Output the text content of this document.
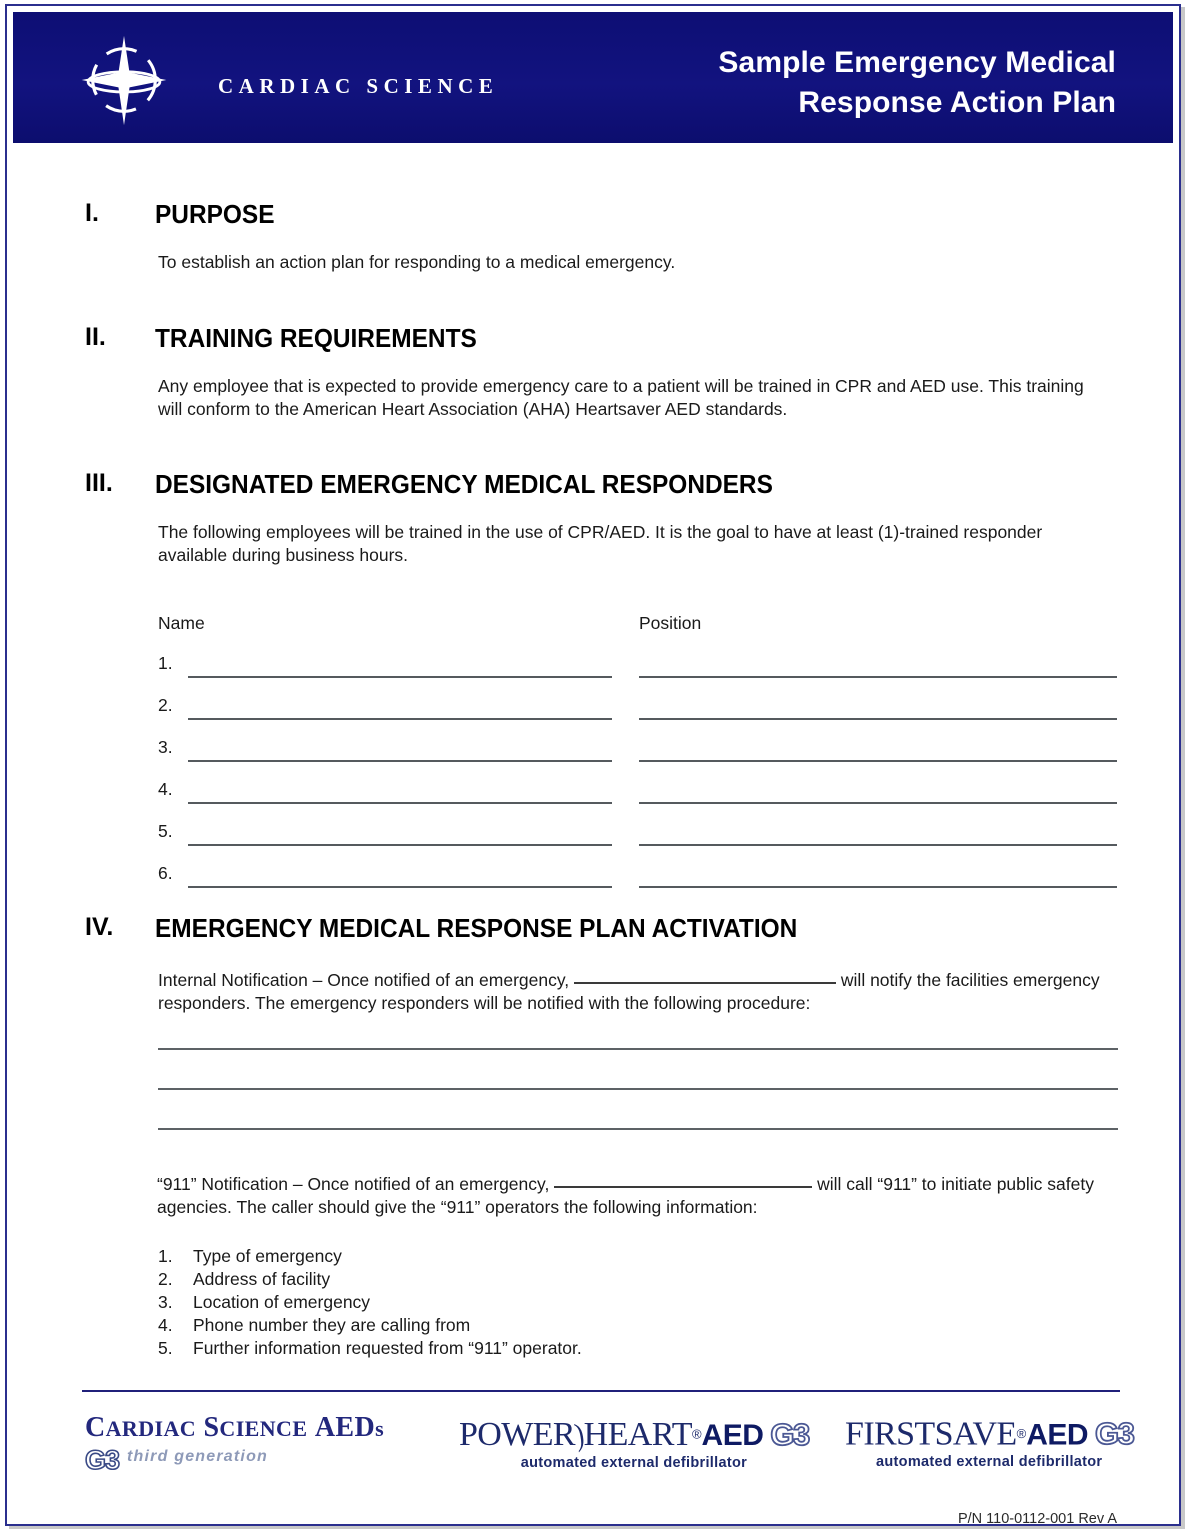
CARDIAC SCIENCE
Sample Emergency Medical
Response Action Plan
I. PURPOSE
To establish an action plan for responding to a medical emergency.
II. TRAINING REQUIREMENTS
Any employee that is expected to provide emergency care to a patient will be trained in CPR and AED use. This training will conform to the American Heart Association (AHA) Heartsaver AED standards.
III. DESIGNATED EMERGENCY MEDICAL RESPONDERS
The following employees will be trained in the use of CPR/AED. It is the goal to have at least (1)-trained responder available during business hours.
Name	Position
1.
2.
3.
4.
5.
6.
IV. EMERGENCY MEDICAL RESPONSE PLAN ACTIVATION
Internal Notification – Once notified of an emergency,	will notify the facilities emergency
responders. The emergency responders will be notified with the following procedure:
“911” Notification – Once notified of an emergency,	will call “911” to initiate public safety
agencies. The caller should give the “911” operators the following information:
1.	Type of emergency
2.	Address of facility
3.	Location of emergency
4.	Phone number they are calling from
5.	Further information requested from “911” operator.
CARDIAC SCIENCE AEDs
G3 third generation
POWER)HEART®AED G3
automated external defibrillator
FIRSTSAVE®AED G3
automated external defibrillator
P/N 110-0112-001 Rev A
